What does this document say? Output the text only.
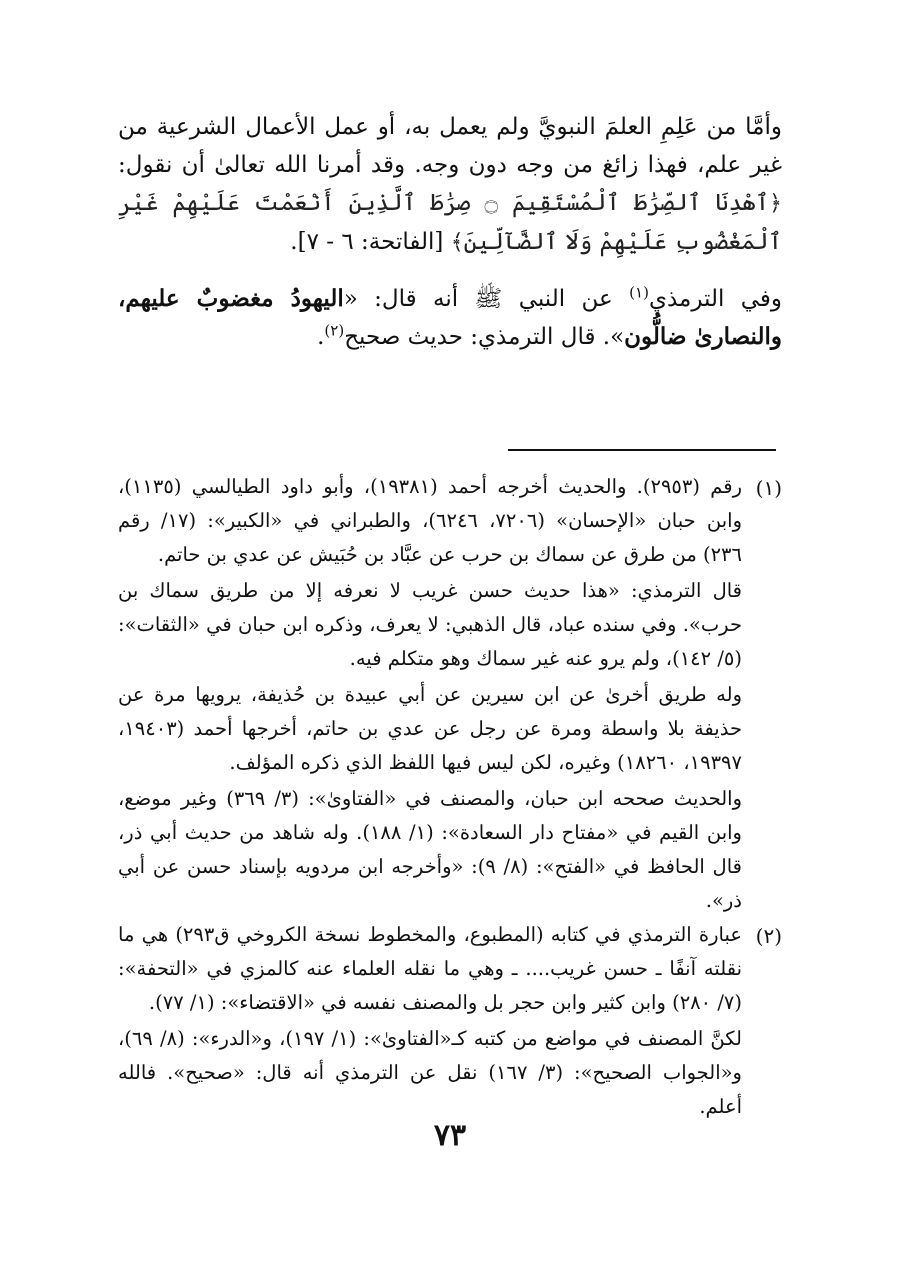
وأمَّا من عَلِمِ العلمَ النبويَّ ولم يعمل به، أو عمل الأعمال الشرعية من غير علم، فهذا زائغ من وجه دون وجه. وقد أمرنا الله تعالىٰ أن نقول: ﴿ٱهْدِنَا ٱلصِّرَٰطَ ٱلْمُسْتَقِيمَ ۝ صِرَٰطَ ٱلَّذِينَ أَنْعَمْتَ عَلَيْهِمْ غَيْرِ ٱلْمَغْضُوبِ عَلَيْهِمْ وَلَا ٱلضَّآلِّينَ﴾ [الفاتحة: ٦ - ٧].

وفي الترمذي$^{(١)}$ عن النبي ﷺ أنه قال: «اليهودُ مغضوبٌ عليهم، والنصارىٰ ضالُّون». قال الترمذي: حديث صحيح$^{(٢)}$.

(١)

رقم (٢٩٥٣). والحديث أخرجه أحمد (١٩٣٨١)، وأبو داود الطيالسي (١١٣٥)، وابن حبان «الإحسان» (٧٢٠٦، ٦٢٤٦)، والطبراني في «الكبير»: (١٧/ رقم ٢٣٦) من طرق عن سماك بن حرب عن عبَّاد بن حُبَيش عن عدي بن حاتم.

قال الترمذي: «هذا حديث حسن غريب لا نعرفه إلا من طريق سماك بن حرب». وفي سنده عباد، قال الذهبي: لا يعرف، وذكره ابن حبان في «الثقات»: (٥/ ١٤٢)، ولم يرو عنه غير سماك وهو متكلم فيه.

وله طريق أخرىٰ عن ابن سيرين عن أبي عبيدة بن حُذيفة، يرويها مرة عن حذيفة بلا واسطة ومرة عن رجل عن عدي بن حاتم، أخرجها أحمد (١٩٤٠٣، ١٩٣٩٧، ١٨٢٦٠) وغيره، لكن ليس فيها اللفظ الذي ذكره المؤلف.

والحديث صححه ابن حبان، والمصنف في «الفتاوىٰ»: (٣/ ٣٦٩) وغير موضع، وابن القيم في «مفتاح دار السعادة»: (١/ ١٨٨). وله شاهد من حديث أبي ذر، قال الحافظ في «الفتح»: (٨/ ٩): «وأخرجه ابن مردويه بإسناد حسن عن أبي ذر».

(٢)

عبارة الترمذي في كتابه (المطبوع، والمخطوط نسخة الكروخي ق٢٩٣) هي ما نقلته آنفًا ـ حسن غريب.... ـ وهي ما نقله العلماء عنه كالمزي في «التحفة»: (٧/ ٢٨٠) وابن كثير وابن حجر بل والمصنف نفسه في «الاقتضاء»: (١/ ٧٧).

لكنَّ المصنف في مواضع من كتبه كـ«الفتاوىٰ»: (١/ ١٩٧)، و«الدرء»: (٨/ ٦٩)، و«الجواب الصحيح»: (٣/ ١٦٧) نقل عن الترمذي أنه قال: «صحيح». فالله أعلم.

٧٣
